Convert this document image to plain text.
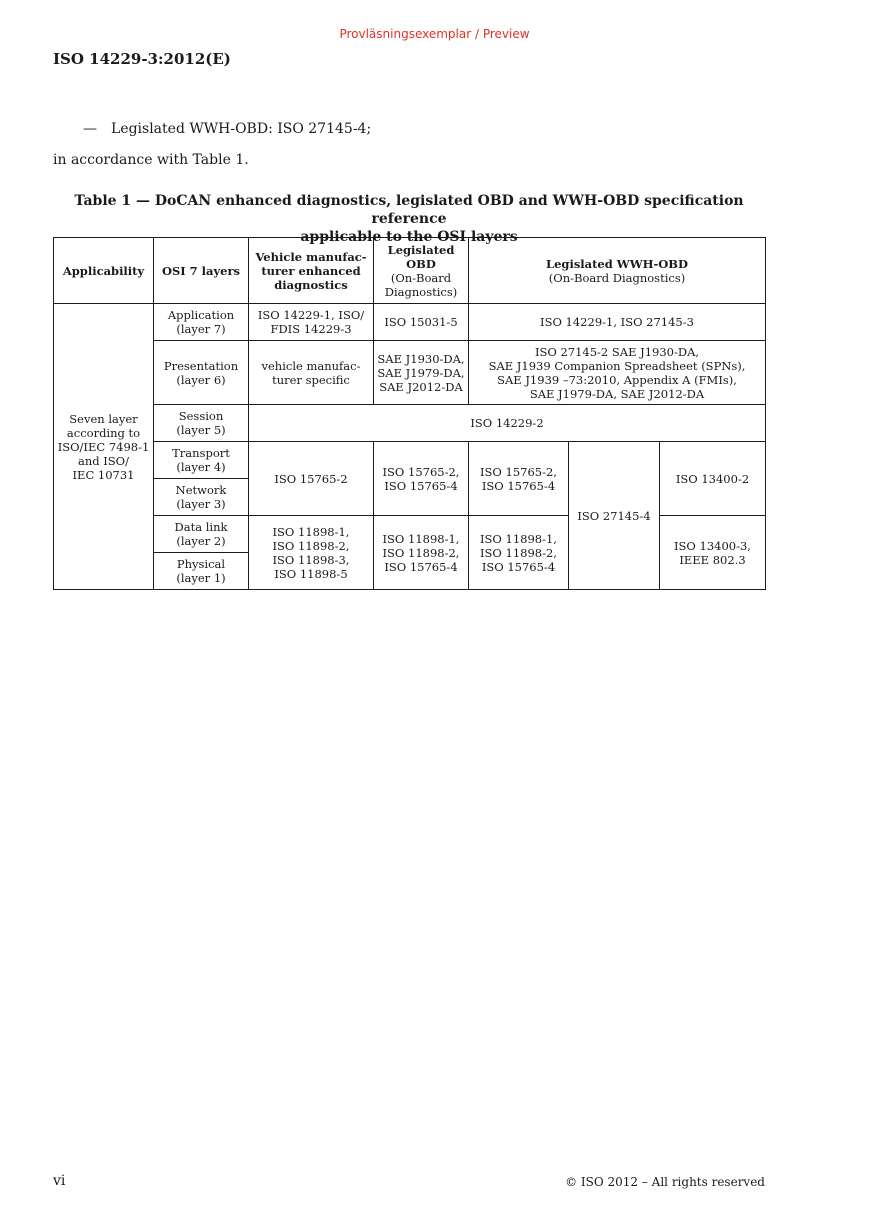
Provläsningsexemplar / Preview
ISO 14229-3:2012(E)
— Legislated WWH-OBD: ISO 27145-4;
in accordance with Table 1.
Table 1 — DoCAN enhanced diagnostics, legislated OBD and WWH-OBD specification reference
applicable to the OSI layers
Applicability	OSI 7 layers	Vehicle manufac-
turer enhanced
diagnostics	Legislated
OBD
(On-Board
Diagnostics)	Legislated WWH-OBD
(On-Board Diagnostics)		
Seven layer
according to
ISO/IEC 7498-1
and ISO/
IEC 10731	Application
(layer 7)	ISO 14229-1, ISO/
FDIS 14229-3	ISO 15031-5	ISO 14229-1, ISO 27145-3		
	Presentation
(layer 6)	vehicle manufac-
turer specific	SAE J1930-DA,
SAE J1979-DA,
SAE J2012-DA	ISO 27145-2 SAE J1930-DA,
SAE J1939 Companion Spreadsheet (SPNs),
SAE J1939 –73:2010, Appendix A (FMIs),
SAE J1979-DA, SAE J2012-DA		
	Session
(layer 5)	ISO 14229-2				
	Transport
(layer 4)	ISO 15765-2	ISO 15765-2,
ISO 15765-4	ISO 15765-2,
ISO 15765-4	ISO 27145-4	ISO 13400-2
	Network
(layer 3)					
	Data link
(layer 2)	ISO 11898-1,
ISO 11898-2,
ISO 11898-3,
ISO 11898-5	ISO 11898-1,
ISO 11898-2,
ISO 15765-4	ISO 11898-1,
ISO 11898-2,
ISO 15765-4		ISO 13400-3,
IEEE 802.3
	Physical
(layer 1)					
vi	© ISO 2012 – All rights reserved
